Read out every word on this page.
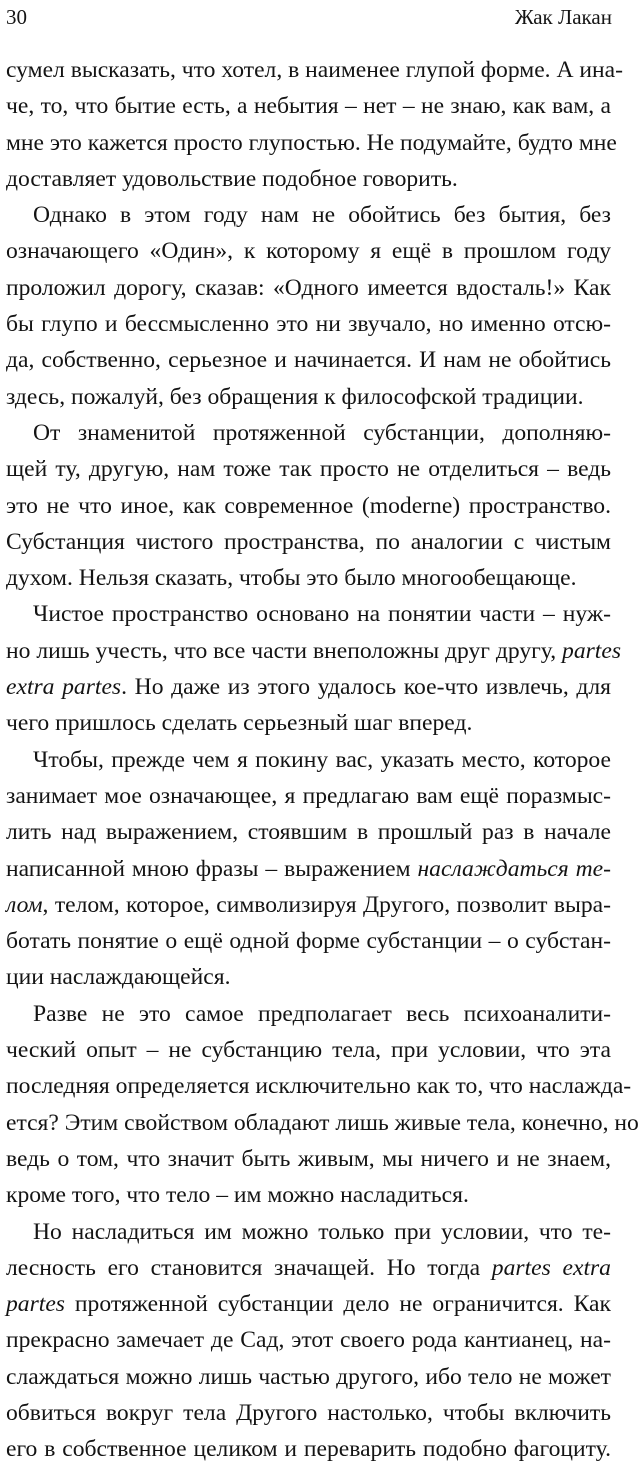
30	Жак Лакан
сумел высказать, что хотел, в наименее глупой форме. А ина-
че, то, что бытие есть, а небытия – нет – не знаю, как вам, а
мне это кажется просто глупостью. Не подумайте, будто мне
доставляет удовольствие подобное говорить.
Однако в этом году нам не обойтись без бытия, без
означающего «Один», к которому я ещё в прошлом году
проложил дорогу, сказав: «Одного имеется вдосталь!» Как
бы глупо и бессмысленно это ни звучало, но именно отсю-
да, собственно, серьезное и начинается. И нам не обойтись
здесь, пожалуй, без обращения к философской традиции.
От знаменитой протяженной субстанции, дополняю-
щей ту, другую, нам тоже так просто не отделиться – ведь
это не что иное, как современное (moderne) пространство.
Субстанция чистого пространства, по аналогии с чистым
духом. Нельзя сказать, чтобы это было многообещающе.
Чистое пространство основано на понятии части – нуж-
но лишь учесть, что все части внеположны друг другу, partes
extra partes. Но даже из этого удалось кое-что извлечь, для
чего пришлось сделать серьезный шаг вперед.
Чтобы, прежде чем я покину вас, указать место, которое
занимает мое означающее, я предлагаю вам ещё поразмыс-
лить над выражением, стоявшим в прошлый раз в начале
написанной мною фразы – выражением наслаждаться те-
лом, телом, которое, символизируя Другого, позволит выра-
ботать понятие о ещё одной форме субстанции – о субстан-
ции наслаждающейся.
Разве не это самое предполагает весь психоаналити-
ческий опыт – не субстанцию тела, при условии, что эта
последняя определяется исключительно как то, что наслажда-
ется? Этим свойством обладают лишь живые тела, конечно, но
ведь о том, что значит быть живым, мы ничего и не знаем,
кроме того, что тело – им можно насладиться.
Но насладиться им можно только при условии, что те-
лесность его становится значащей. Но тогда partes extra
partes протяженной субстанции дело не ограничится. Как
прекрасно замечает де Сад, этот своего рода кантианец, на-
слаждаться можно лишь частью другого, ибо тело не может
обвиться вокруг тела Другого настолько, чтобы включить
его в собственное целиком и переварить подобно фагоциту.
